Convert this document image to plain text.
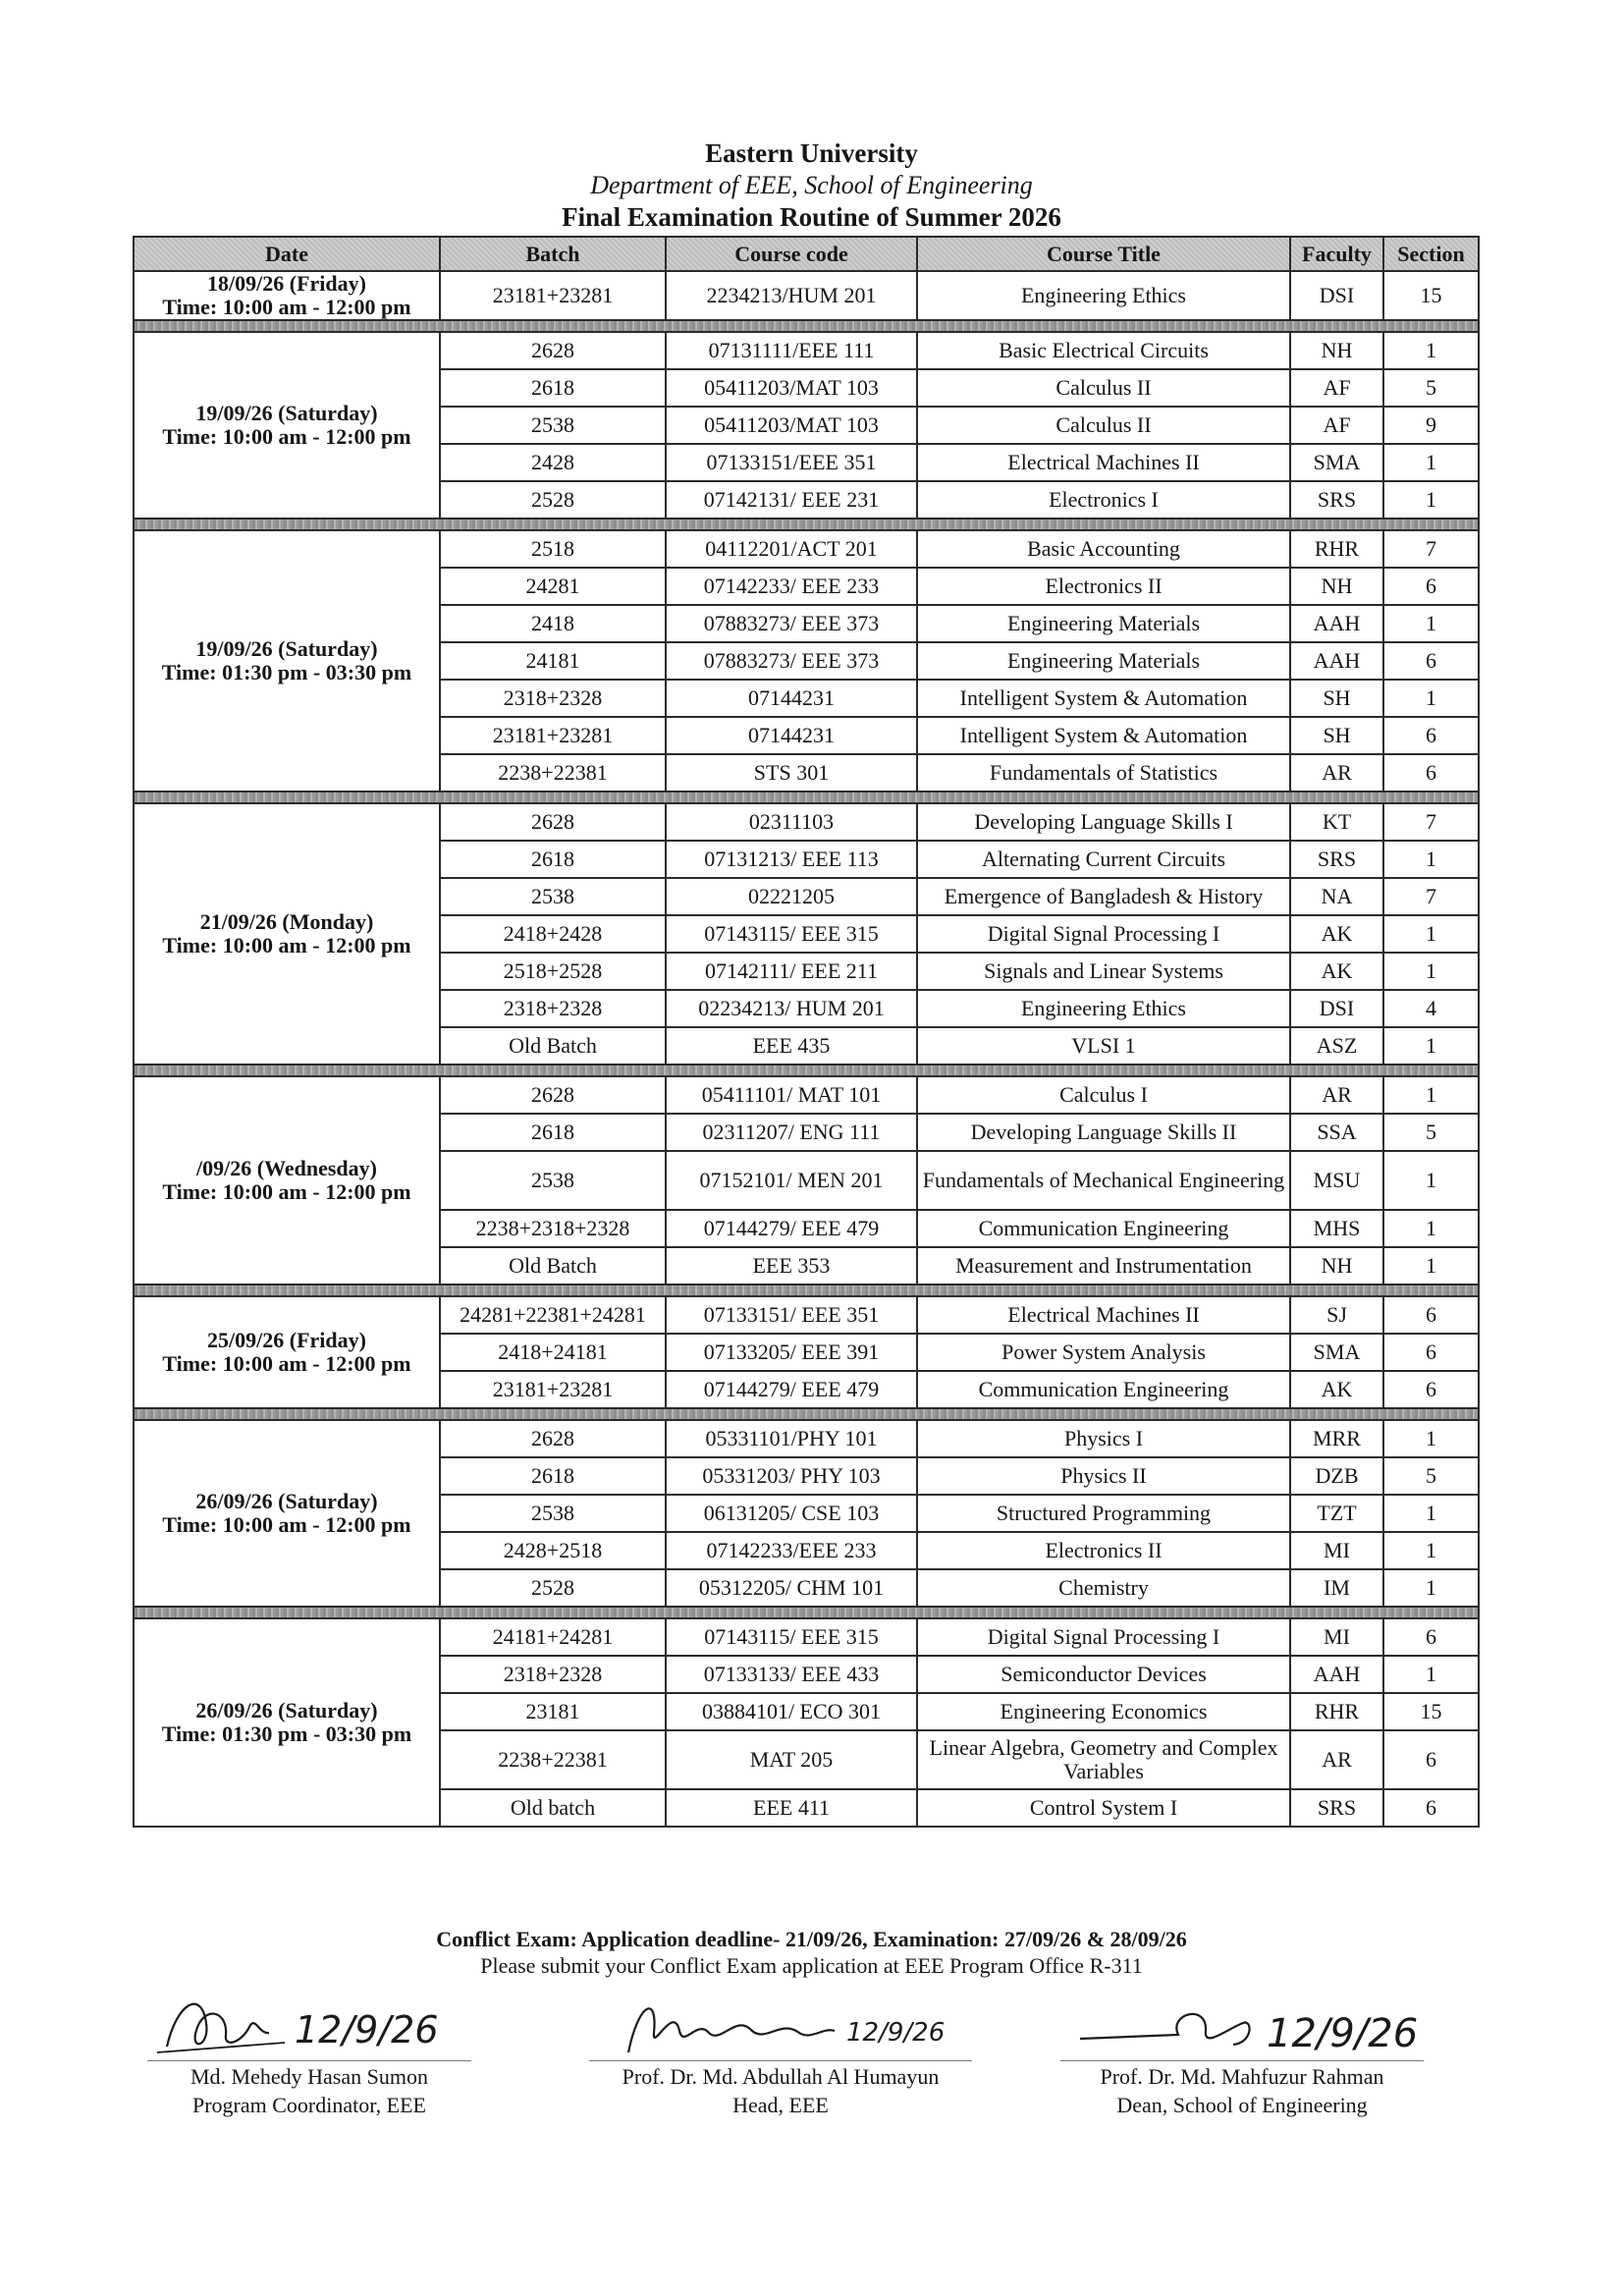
Eastern University
Department of EEE, School of Engineering
Final Examination Routine of Summer 2026
Date	Batch	Course code	Course Title	Faculty	Section

18/09/26 (Friday)
Time: 10:00 am - 12:00 pm	23181+23281	2234213/HUM 201	Engineering Ethics	DSI	15

19/09/26 (Saturday)
Time: 10:00 am - 12:00 pm	2628	07131111/EEE 111	Basic Electrical Circuits	NH	1
	2618	05411203/MAT 103	Calculus II	AF	5
	2538	05411203/MAT 103	Calculus II	AF	9
	2428	07133151/EEE 351	Electrical Machines II	SMA	1
	2528	07142131/ EEE 231	Electronics I	SRS	1

19/09/26 (Saturday)
Time: 01:30 pm - 03:30 pm	2518	04112201/ACT 201	Basic Accounting	RHR	7
	24281	07142233/ EEE 233	Electronics II	NH	6
	2418	07883273/ EEE 373	Engineering Materials	AAH	1
	24181	07883273/ EEE 373	Engineering Materials	AAH	6
	2318+2328	07144231	Intelligent System & Automation	SH	1
	23181+23281	07144231	Intelligent System & Automation	SH	6
	2238+22381	STS 301	Fundamentals of Statistics	AR	6

21/09/26 (Monday)
Time: 10:00 am - 12:00 pm	2628	02311103	Developing Language Skills I	KT	7
	2618	07131213/ EEE 113	Alternating Current Circuits	SRS	1
	2538	02221205	Emergence of Bangladesh & History	NA	7
	2418+2428	07143115/ EEE 315	Digital Signal Processing I	AK	1
	2518+2528	07142111/ EEE 211	Signals and Linear Systems	AK	1
	2318+2328	02234213/ HUM 201	Engineering Ethics	DSI	4
	Old Batch	EEE 435	VLSI 1	ASZ	1

/09/26 (Wednesday)
Time: 10:00 am - 12:00 pm	2628	05411101/ MAT 101	Calculus I	AR	1
	2618	02311207/ ENG 111	Developing Language Skills II	SSA	5
	2538	07152101/ MEN 201	Fundamentals of Mechanical Engineering	MSU	1
	2238+2318+2328	07144279/ EEE 479	Communication Engineering	MHS	1
	Old Batch	EEE 353	Measurement and Instrumentation	NH	1

25/09/26 (Friday)
Time: 10:00 am - 12:00 pm	24281+22381+24281	07133151/ EEE 351	Electrical Machines II	SJ	6
	2418+24181	07133205/ EEE 391	Power System Analysis	SMA	6
	23181+23281	07144279/ EEE 479	Communication Engineering	AK	6

26/09/26 (Saturday)
Time: 10:00 am - 12:00 pm	2628	05331101/PHY 101	Physics I	MRR	1
	2618	05331203/ PHY 103	Physics II	DZB	5
	2538	06131205/ CSE 103	Structured Programming	TZT	1
	2428+2518	07142233/EEE 233	Electronics II	MI	1
	2528	05312205/ CHM 101	Chemistry	IM	1

26/09/26 (Saturday)
Time: 01:30 pm - 03:30 pm	24181+24281	07143115/ EEE 315	Digital Signal Processing I	MI	6
	2318+2328	07133133/ EEE 433	Semiconductor Devices	AAH	1
	23181	03884101/ ECO 301	Engineering Economics	RHR	15
	2238+22381	MAT 205	Linear Algebra, Geometry and Complex Variables	AR	6
	Old batch	EEE 411	Control System I	SRS	6
Conflict Exam: Application deadline- 21/09/26, Examination: 27/09/26 & 28/09/26
Please submit your Conflict Exam application at EEE Program Office R-311
12/9/26
Md. Mehedy Hasan Sumon
Program Coordinator, EEE
12/9/26
Prof. Dr. Md. Abdullah Al Humayun
Head, EEE
12/9/26
Prof. Dr. Md. Mahfuzur Rahman
Dean, School of Engineering
